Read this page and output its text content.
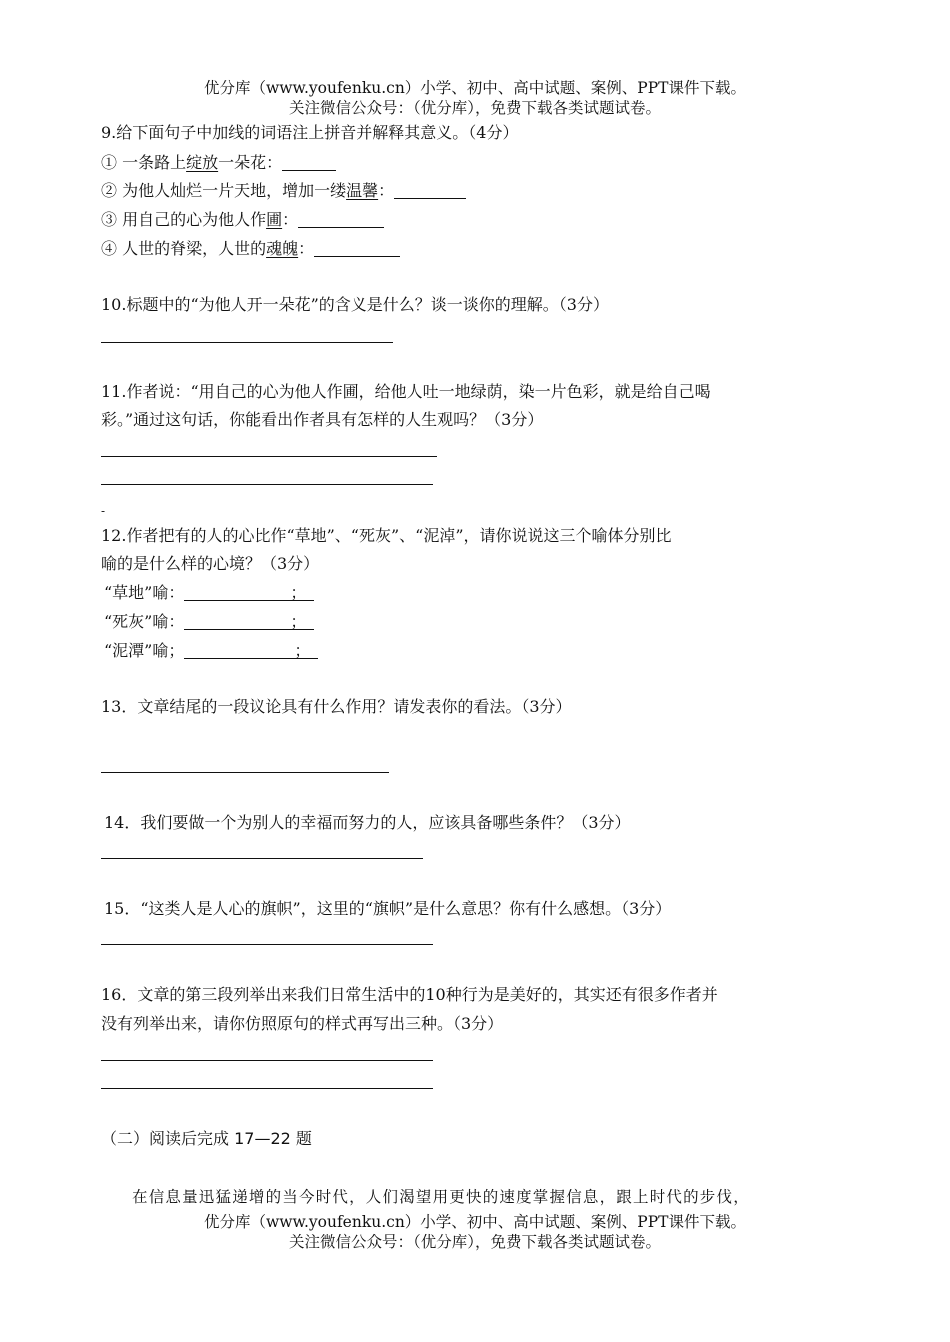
优分库（www.youfenku.cn）小学、初中、高中试题、案例、PPT课件下载。
关注微信公众号：（优分库），免费下载各类试题试卷。
9.给下面句子中加线的词语注上拼音并解释其意义。（4分）
① 一条路上绽放一朵花：
② 为他人灿烂一片天地，增加一缕温馨：
③ 用自己的心为他人作圃：
④ 人世的脊梁，人世的魂魄：
10.标题中的“为他人开一朵花”的含义是什么？谈一谈你的理解。（3分）
11.作者说：“用自己的心为他人作圃，给他人吐一地绿荫，染一片色彩，就是给自己喝
彩。”通过这句话，你能看出作者具有怎样的人生观吗？（3分）
-
12.作者把有的人的心比作“草地”、“死灰”、“泥淖”，请你说说这三个喻体分别比
喻的是什么样的心境？（3分）
“草地”喻：	；
“死灰”喻：	；
“泥潭”喻；	；
13．文章结尾的一段议论具有什么作用？请发表你的看法。（3分）
14．我们要做一个为别人的幸福而努力的人，应该具备哪些条件？（3分）
15．“这类人是人心的旗帜”，这里的“旗帜”是什么意思？你有什么感想。（3分）
16．文章的第三段列举出来我们日常生活中的10种行为是美好的，其实还有很多作者并
没有列举出来，请你仿照原句的样式再写出三种。（3分）
（二）阅读后完成 17—22 题
在信息量迅猛递增的当今时代，人们渴望用更快的速度掌握信息，跟上时代的步伐，
优分库（www.youfenku.cn）小学、初中、高中试题、案例、PPT课件下载。
关注微信公众号：（优分库），免费下载各类试题试卷。
